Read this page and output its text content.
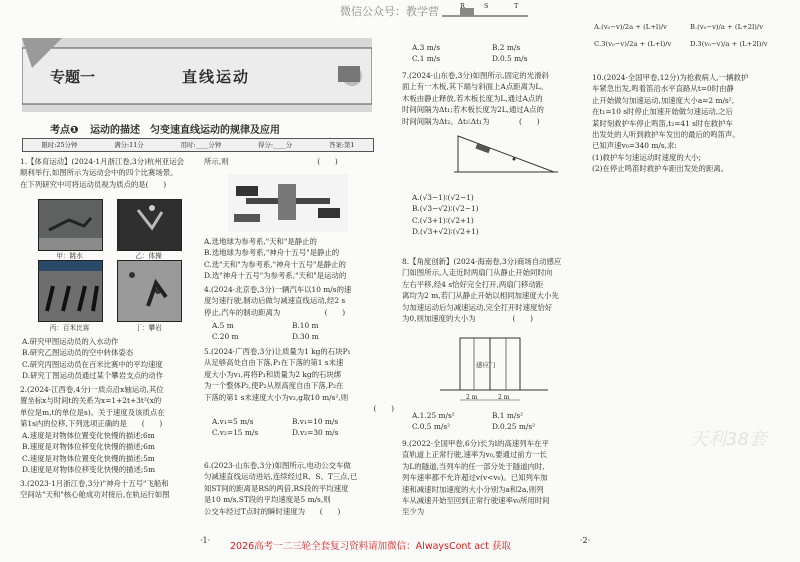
微信公众号：教学营
专题一	直线运动
考点❶ 运动的描述　匀变速直线运动的规律及应用
限时:25分钟	满分:11分	用时:____分钟	得分:____分	答案:第1
1.【体育运动】(2024·1月浙江卷,3分)杭州亚运会
顺利举行,如图所示为运动会中的四个比赛场景。
在下列研究中可将运动员视为质点的是(　　)
甲：跳水	乙：体操
丙：百米比赛	丁：攀岩
A.研究甲图运动员的入水动作
B.研究乙图运动员的空中转体姿态
C.研究丙图运动员在百米比赛中的平均速度
D.研究丁图运动员通过某个攀岩支点的动作
2.(2024·江西卷,4分)一质点沿x轴运动,其位
置坐标x与时间t的关系为x=1+2t+3t²(x的
单位是m,t的单位是s)。关于速度及该质点在
第1s内的位移,下列选项正确的是　　(　　)
A.速度是对物体位置变化快慢的描述;6m
B.速度是对物体位移变化快慢的描述;6m
C.速度是对物体位置变化快慢的描述;5m
D.速度是对物体位移变化快慢的描述;5m
3.(2023·1月浙江卷,3分)"神舟十五号"飞船和
空间站"天和"核心舱成功对接后,在轨运行如图
·1·
所示,则　　　　　　　　　　　　(　　)
A.选地球为参考系,"天和"是静止的
B.选地球为参考系,"神舟十五号"是静止的
C.选"天和"为参考系,"神舟十五号"是静止的
D.选"神舟十五号"为参考系,"天和"是运动的
4.(2024·北京卷,3分)一辆汽车以10 m/s的速
度匀速行驶,制动后做匀减速直线运动,经2 s
停止,汽车的制动距离为　　　　　　(　　)
A.5 m	B.10 m
C.20 m	D.30 m
5.(2024·广西卷,3分)让质量为1 kg的石块P₁
从足够高处自由下落,P₁在下落的第1 s末速
度大小为v₁,再将P₁和质量为2 kg的石块绑
为一个整体P₂,使P₂从原高度自由下落,P₂在
下落的第1 s末速度大小为v₂,g取10 m/s²,则
(　　)
A.v₁=5 m/s	B.v₁=10 m/s
C.v₂=15 m/s	D.v₂=30 m/s
6.(2023·山东卷,3分)如图所示,电动公交车做
匀减速直线运动进站,连续经过R、S、T三点,已
知ST间的距离是RS的两倍,RS段的平均速度
是10 m/s,ST段的平均速度是5 m/s,则
公交车经过T点时的瞬时速度为　　(　　)
R	S	T
A.3 m/s	B.2 m/s
C.1 m/s	D.0.5 m/s
7.(2024·山东卷,3分)如图所示,固定的光滑斜
面上有一木板,其下端与斜面上A点距离为L。
木板由静止释放,若木板长度为L,通过A点的
时间间隔为Δt₁;若木板长度为2L,通过A点的
时间间隔为Δt₂。Δt₂∶Δt₁为　　　　(　　)
A.(√3−1)∶(√2−1)
B.(√3−√2)∶(√2−1)
C.(√3+1)∶(√2+1)
D.(√3+√2)∶(√2+1)
8.【角度创新】(2024·海南卷,3分)商场自动感应
门如图所示,人走近时两扇门从静止开始同时向
左右平移,经4 s恰好完全打开,两扇门移动距
离均为2 m,若门从静止开始以相同加速度大小先
匀加速运动后匀减速运动,完全打开时速度恰好
为0,则加速度的大小为　　　　　(　　)
感应门
2 m	2 m
A.1.25 m/s²	B.1 m/s²
C.0.5 m/s²	D.0.25 m/s²
9.(2022·全国甲卷,6分)长为l的高速列车在平
直轨道上正常行驶,速率为v₀,要通过前方一长
为L的隧道,当列车的任一部分处于隧道内时,
列车速率都不允许超过v(v<v₀)。已知列车加
速和减速时加速度的大小分别为a和2a,则列
车从减速开始至回到正常行驶速率v₀所用时间
至少为
·2·
A.(v₀−v)/2a + (L+l)/v	B.(v₀−v)/a + (L+2l)/v
C.3(v₀−v)/2a + (L+l)/v	D.3(v₀−v)/a + (L+2l)/v
10.(2024·全国甲卷,12分)为抢救病人,一辆救护
车紧急出发,鸣着笛沿水平直路从t=0时由静
止开始做匀加速运动,加速度大小a=2 m/s²,
在t₁=10 s时停止加速开始做匀速运动,之后
某时刻救护车停止鸣笛,t₂=41 s时在救护车
出发处的人听到救护车发出的最后的鸣笛声。
已知声速v₀=340 m/s,求:
(1)救护车匀速运动时速度的大小;
(2)在停止鸣笛时救护车距出发处的距离。
天利38套
2026高考一二三轮全套复习资料请加微信：AlwaysCont act 获取
